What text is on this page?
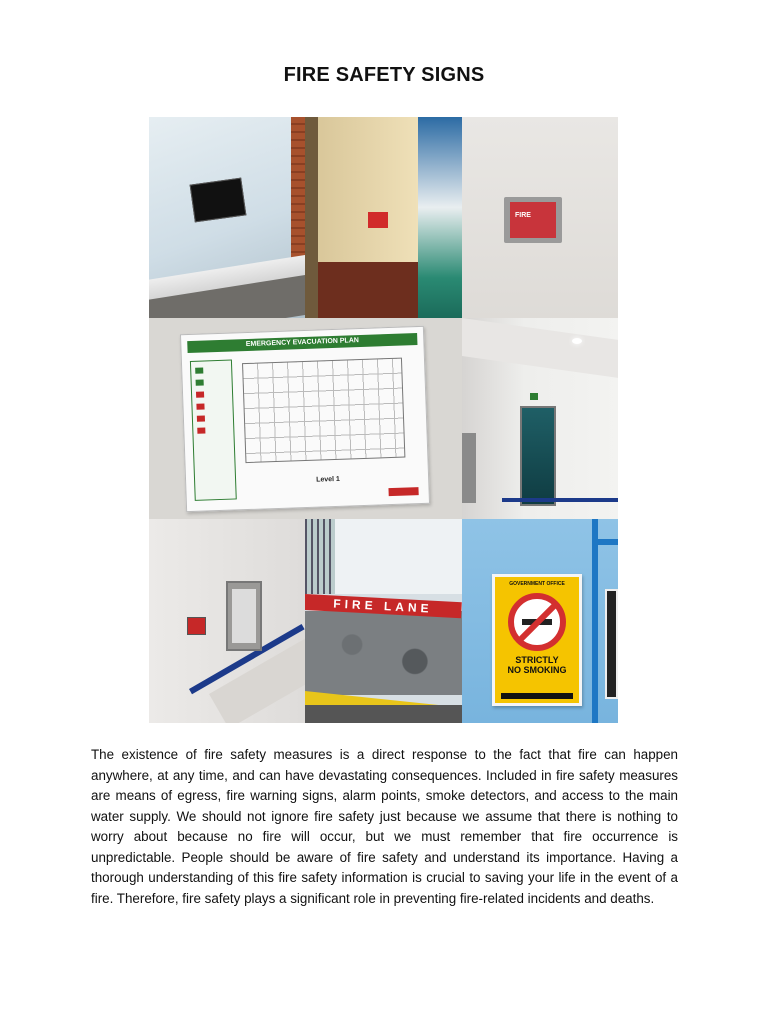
FIRE SAFETY SIGNS
FIRE
EMERGENCY EVACUATION PLAN
Level 1
FIRE LANE
GOVERNMENT OFFICE
STRICTLY
NO SMOKING

The existence of fire safety measures is a direct response to the fact that fire can happen anywhere, at any time, and can have devastating consequences. Included in fire safety measures are means of egress, fire warning signs, alarm points, smoke detectors, and access to the main water supply. We should not ignore fire safety just because we assume that there is nothing to worry about because no fire will occur, but we must remember that fire occurrence is unpredictable. People should be aware of fire safety and understand its importance. Having a thorough understanding of this fire safety information is crucial to saving your life in the event of a fire. Therefore, fire safety plays a significant role in preventing fire-related incidents and deaths.
